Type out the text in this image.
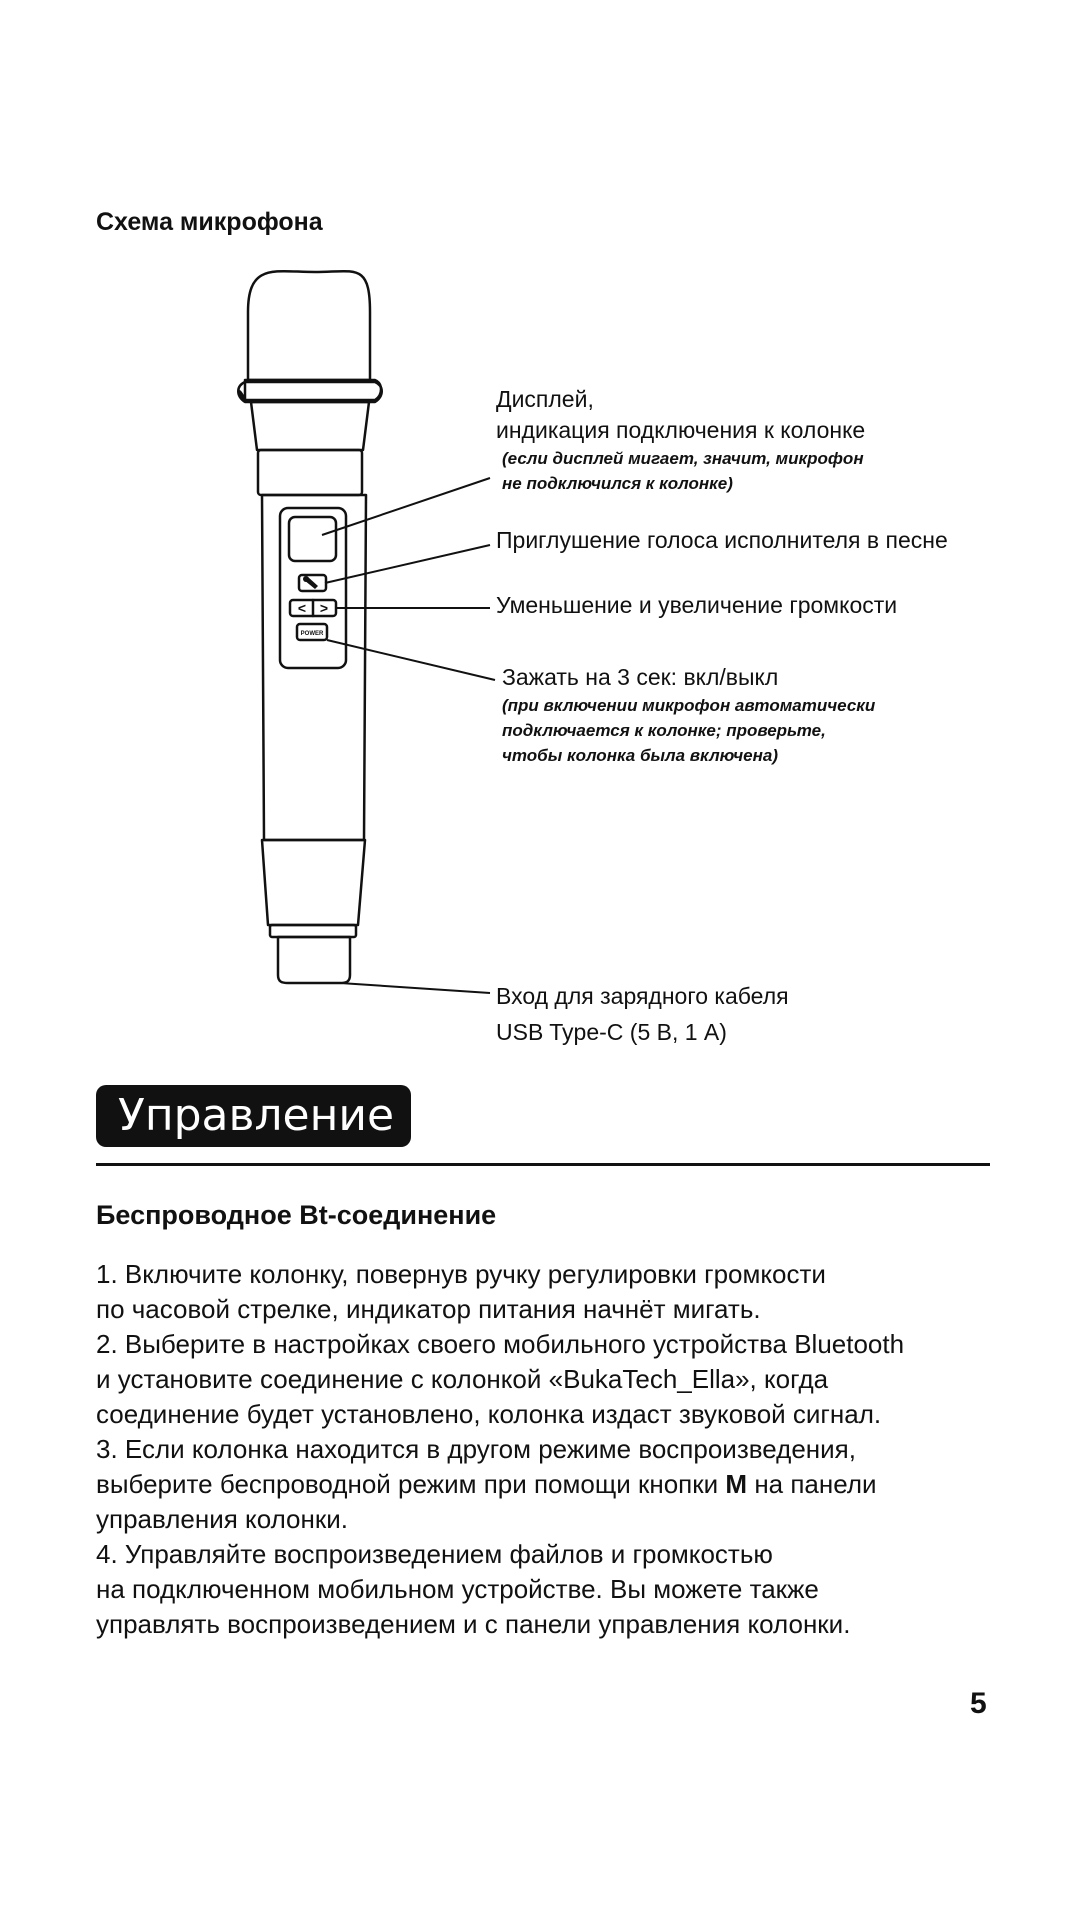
Схема микрофона
< >
POWER
Дисплей,
индикация подключения к колонке
(если дисплей мигает, значит, микрофон
не подключился к колонке)
Приглушение голоса исполнителя в песне
Уменьшение и увеличение громкости
Зажать на 3 сек: вкл/выкл
(при включении микрофон автоматически
подключается к колонке; проверьте,
чтобы колонка была включена)
Вход для зарядного кабеля
USB Type-C (5 В, 1 А)
Управление
Беспроводное Bt-соединение

1. Включите колонку, повернув ручку регулировки громкости

по часовой стрелке, индикатор питания начнёт мигать.

2. Выберите в настройках своего мобильного устройства Bluetooth

и установите соединение с колонкой «BukaTech_Ella», когда

соединение будет установлено, колонка издаст звуковой сигнал.

3. Если колонка находится в другом режиме воспроизведения,

выберите беспроводной режим при помощи кнопки M на панели

управления колонки.

4. Управляйте воспроизведением файлов и громкостью

на подключенном мобильном устройстве. Вы можете также

управлять воспроизведением и с панели управления колонки.

5
